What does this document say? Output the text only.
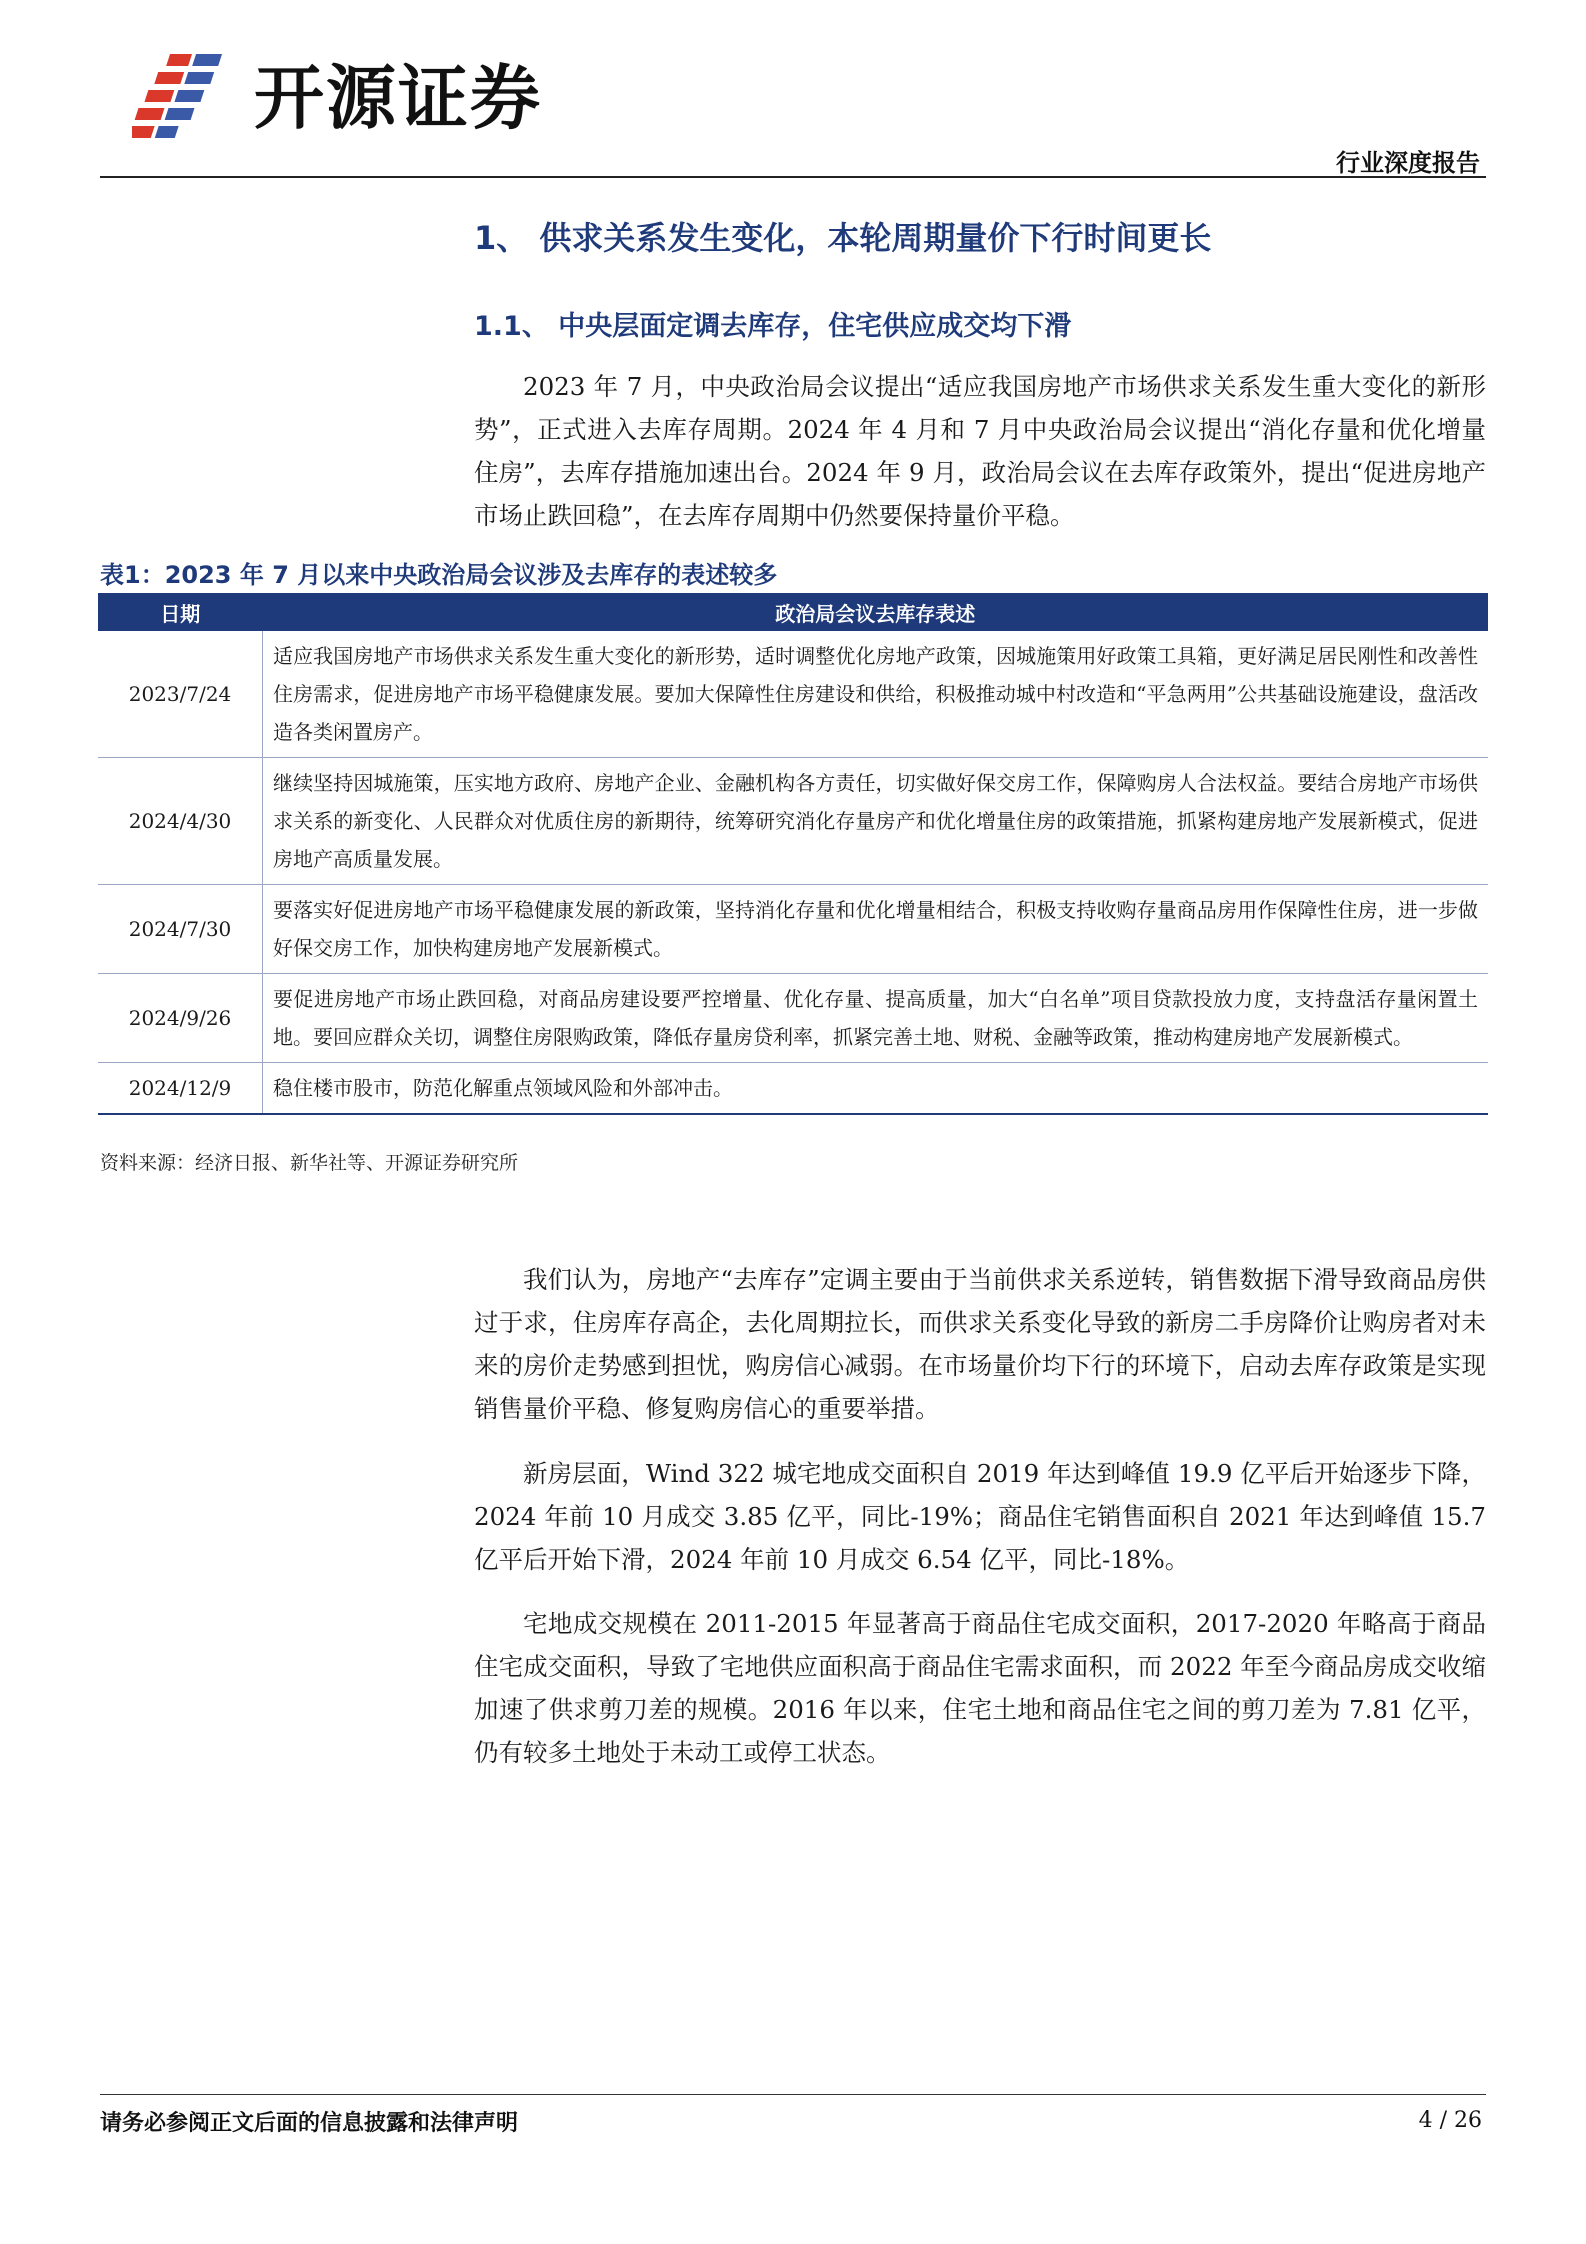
开源证券
行业深度报告
1、 供求关系发生变化，本轮周期量价下行时间更长
1.1、 中央层面定调去库存，住宅供应成交均下滑

2023 年 7 月，中央政治局会议提出“适应我国房地产市场供求关系发生重大变化的新形势”，正式进入去库存周期。2024 年 4 月和 7 月中央政治局会议提出“消化存量和优化增量住房”，去库存措施加速出台。2024 年 9 月，政治局会议在去库存政策外，提出“促进房地产市场止跌回稳”，在去库存周期中仍然要保持量价平稳。

表1：2023 年 7 月以来中央政治局会议涉及去库存的表述较多
日期	政治局会议去库存表述
2023/7/24	适应我国房地产市场供求关系发生重大变化的新形势，适时调整优化房地产政策，因城施策用好政策工具箱，更好满足居民刚性和改善性住房需求，促进房地产市场平稳健康发展。要加大保障性住房建设和供给，积极推动城中村改造和“平急两用”公共基础设施建设，盘活改造各类闲置房产。
2024/4/30	继续坚持因城施策，压实地方政府、房地产企业、金融机构各方责任，切实做好保交房工作，保障购房人合法权益。要结合房地产市场供求关系的新变化、人民群众对优质住房的新期待，统筹研究消化存量房产和优化增量住房的政策措施，抓紧构建房地产发展新模式，促进房地产高质量发展。
2024/7/30	要落实好促进房地产市场平稳健康发展的新政策，坚持消化存量和优化增量相结合，积极支持收购存量商品房用作保障性住房，进一步做好保交房工作，加快构建房地产发展新模式。
2024/9/26	要促进房地产市场止跌回稳，对商品房建设要严控增量、优化存量、提高质量，加大“白名单”项目贷款投放力度，支持盘活存量闲置土地。要回应群众关切，调整住房限购政策，降低存量房贷利率，抓紧完善土地、财税、金融等政策，推动构建房地产发展新模式。
2024/12/9	稳住楼市股市，防范化解重点领域风险和外部冲击。
资料来源：经济日报、新华社等、开源证券研究所

我们认为，房地产“去库存”定调主要由于当前供求关系逆转，销售数据下滑导致商品房供过于求，住房库存高企，去化周期拉长，而供求关系变化导致的新房二手房降价让购房者对未来的房价走势感到担忧，购房信心减弱。在市场量价均下行的环境下，启动去库存政策是实现销售量价平稳、修复购房信心的重要举措。

新房层面，Wind 322 城宅地成交面积自 2019 年达到峰值 19.9 亿平后开始逐步下降，2024 年前 10 月成交 3.85 亿平，同比-19%；商品住宅销售面积自 2021 年达到峰值 15.7 亿平后开始下滑，2024 年前 10 月成交 6.54 亿平，同比-18%。

宅地成交规模在 2011-2015 年显著高于商品住宅成交面积，2017-2020 年略高于商品住宅成交面积，导致了宅地供应面积高于商品住宅需求面积，而 2022 年至今商品房成交收缩加速了供求剪刀差的规模。2016 年以来，住宅土地和商品住宅之间的剪刀差为 7.81 亿平，仍有较多土地处于未动工或停工状态。

请务必参阅正文后面的信息披露和法律声明	4 / 26
